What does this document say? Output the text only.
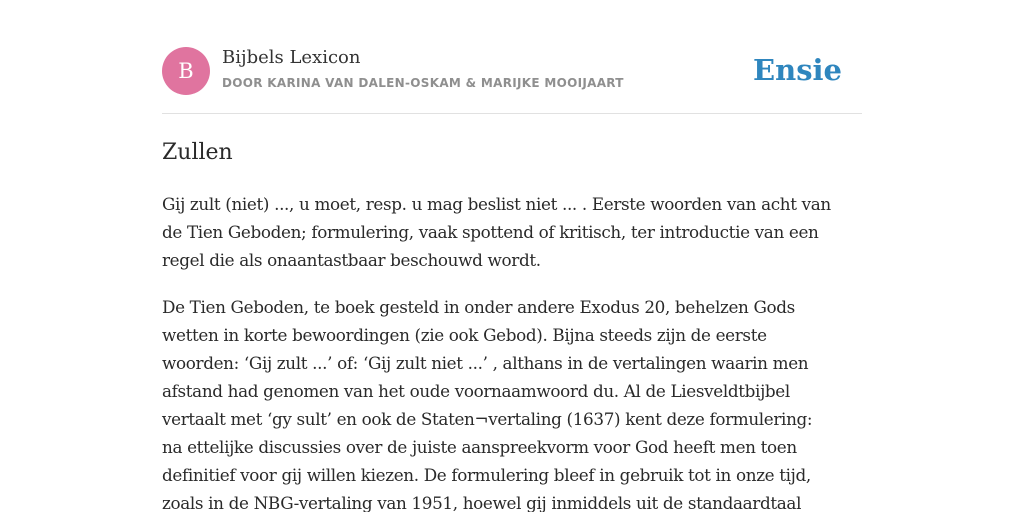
B
Bijbels Lexicon
DOOR KARINA VAN DALEN-OSKAM & MARIJKE MOOIJAART	Ensie
Zullen

Gij zult (niet) ..., u moet, resp. u mag beslist niet ... . Eerste woorden van acht van
de Tien Geboden; formulering, vaak spottend of kritisch, ter introductie van een
regel die als onaantastbaar beschouwd wordt.

De Tien Geboden, te boek gesteld in onder andere Exodus 20, behelzen Gods
wetten in korte bewoordingen (zie ook Gebod). Bijna steeds zijn de eerste
woorden: ‘Gij zult ...’ of: ‘Gij zult niet ...’ , althans in de vertalingen waarin men
afstand had genomen van het oude voornaamwoord du. Al de Liesveldtbijbel
vertaalt met ‘gy sult’ en ook de Staten¬vertaling (1637) kent deze formulering:
na ettelijke discussies over de juiste aanspreekvorm voor God heeft men toen
definitief voor gij willen kiezen. De formulering bleef in gebruik tot in onze tijd,
zoals in de NBG-vertaling van 1951, hoewel gij inmiddels uit de standaardtaal
